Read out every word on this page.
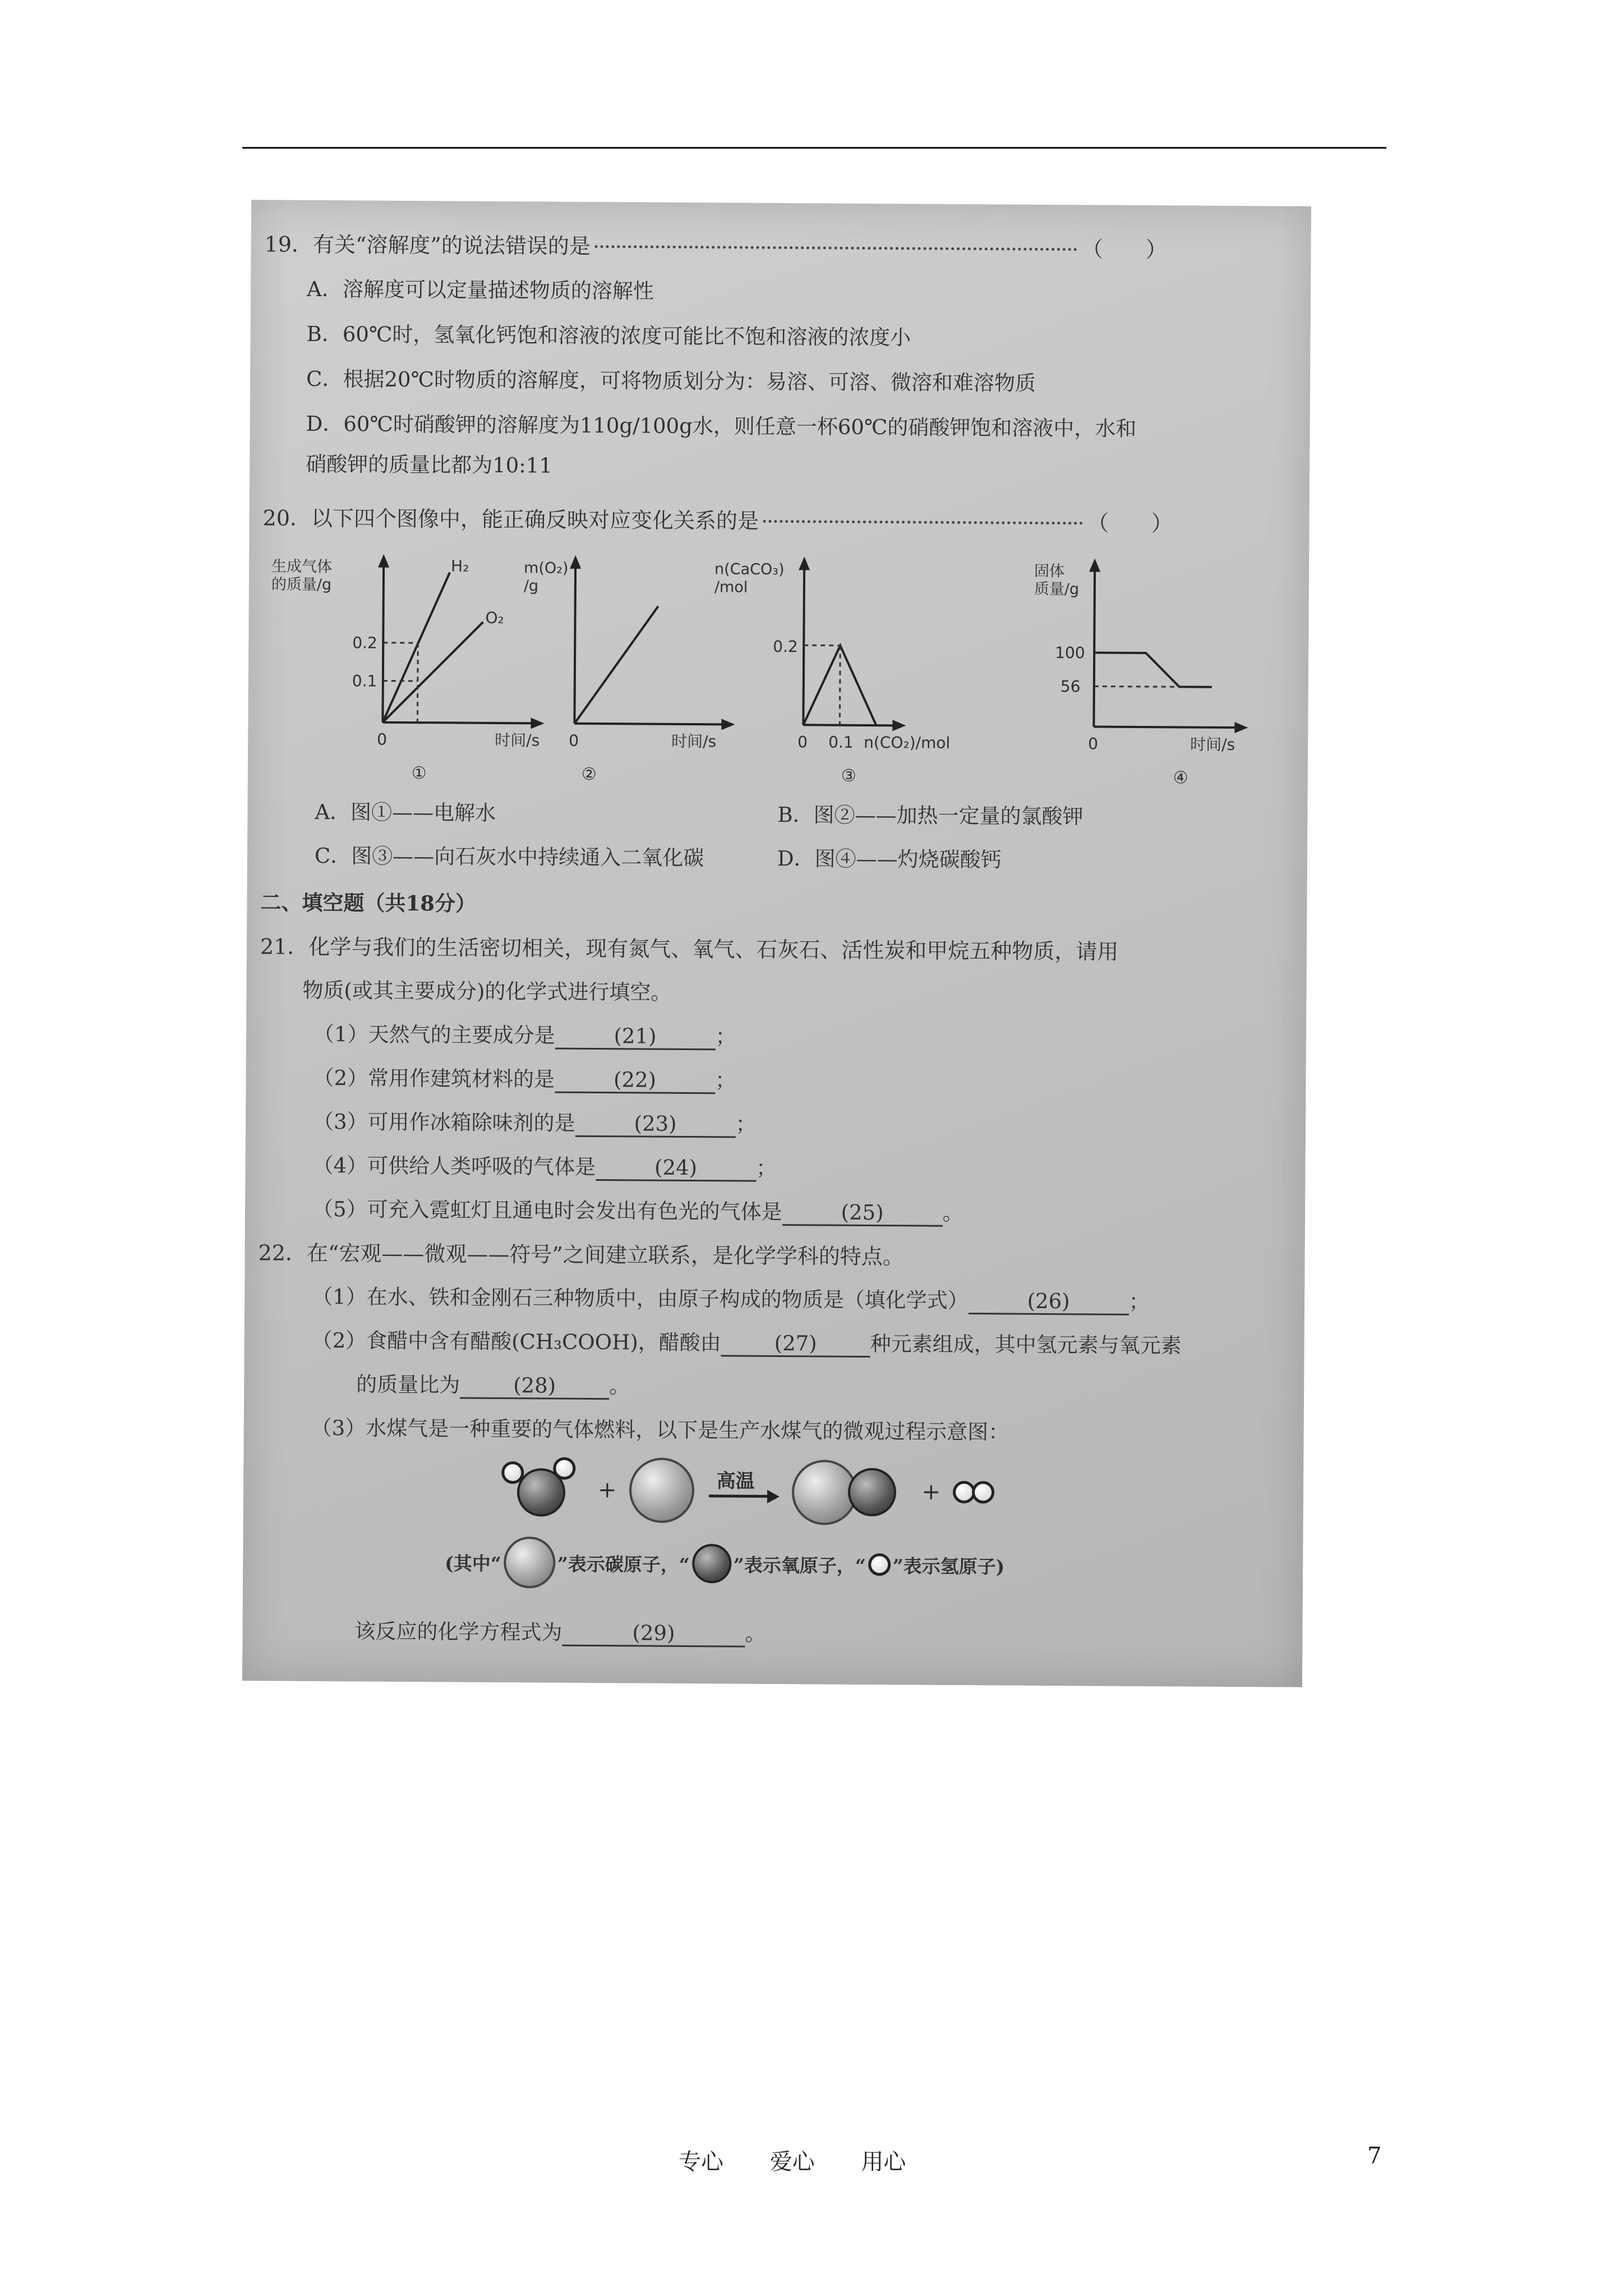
19．有关“溶解度”的说法错误的是	（　　）
A．溶解度可以定量描述物质的溶解性
B．60℃时，氢氧化钙饱和溶液的浓度可能比不饱和溶液的浓度小
C．根据20℃时物质的溶解度，可将物质划分为：易溶、可溶、微溶和难溶物质
D．60℃时硝酸钾的溶解度为110g/100g水，则任意一杯60℃的硝酸钾饱和溶液中，水和
硝酸钾的质量比都为10:11
20．以下四个图像中，能正确反映对应变化关系的是	（　　）
生成气体
的质量/g
H₂
O₂
0.2
0.1
0	时间/s
①
m(O₂)
/g
0	时间/s
②
n(CaCO₃)
/mol
0.2
0 0.1 n(CO₂)/mol
③
固体
质量/g
100
56
0	时间/s
④
A．图①——电解水	B．图②——加热一定量的氯酸钾
C．图③——向石灰水中持续通入二氧化碳	D．图④——灼烧碳酸钙
二、填空题（共18分）
21．化学与我们的生活密切相关，现有氮气、氧气、石灰石、活性炭和甲烷五种物质，请用
物质(或其主要成分)的化学式进行填空。
（1）天然气的主要成分是	(21)	；
（2）常用作建筑材料的是	(22)	；
（3）可用作冰箱除味剂的是	(23)	；
（4）可供给人类呼吸的气体是	(24)	；
（5）可充入霓虹灯且通电时会发出有色光的气体是	(25)	。
22．在“宏观——微观——符号”之间建立联系，是化学学科的特点。
（1）在水、铁和金刚石三种物质中，由原子构成的物质是（填化学式）	(26)	；
（2）食醋中含有醋酸(CH₃COOH)，醋酸由	(27)	种元素组成，其中氢元素与氧元素
的质量比为	(28)	。
（3）水煤气是一种重要的气体燃料，以下是生产水煤气的微观过程示意图：
+	高温	+
(其中“	”表示碳原子，“ ”表示氧原子，“ ”表示氢原子)
该反应的化学方程式为	(29)	。
专心 爱心 用心	7
